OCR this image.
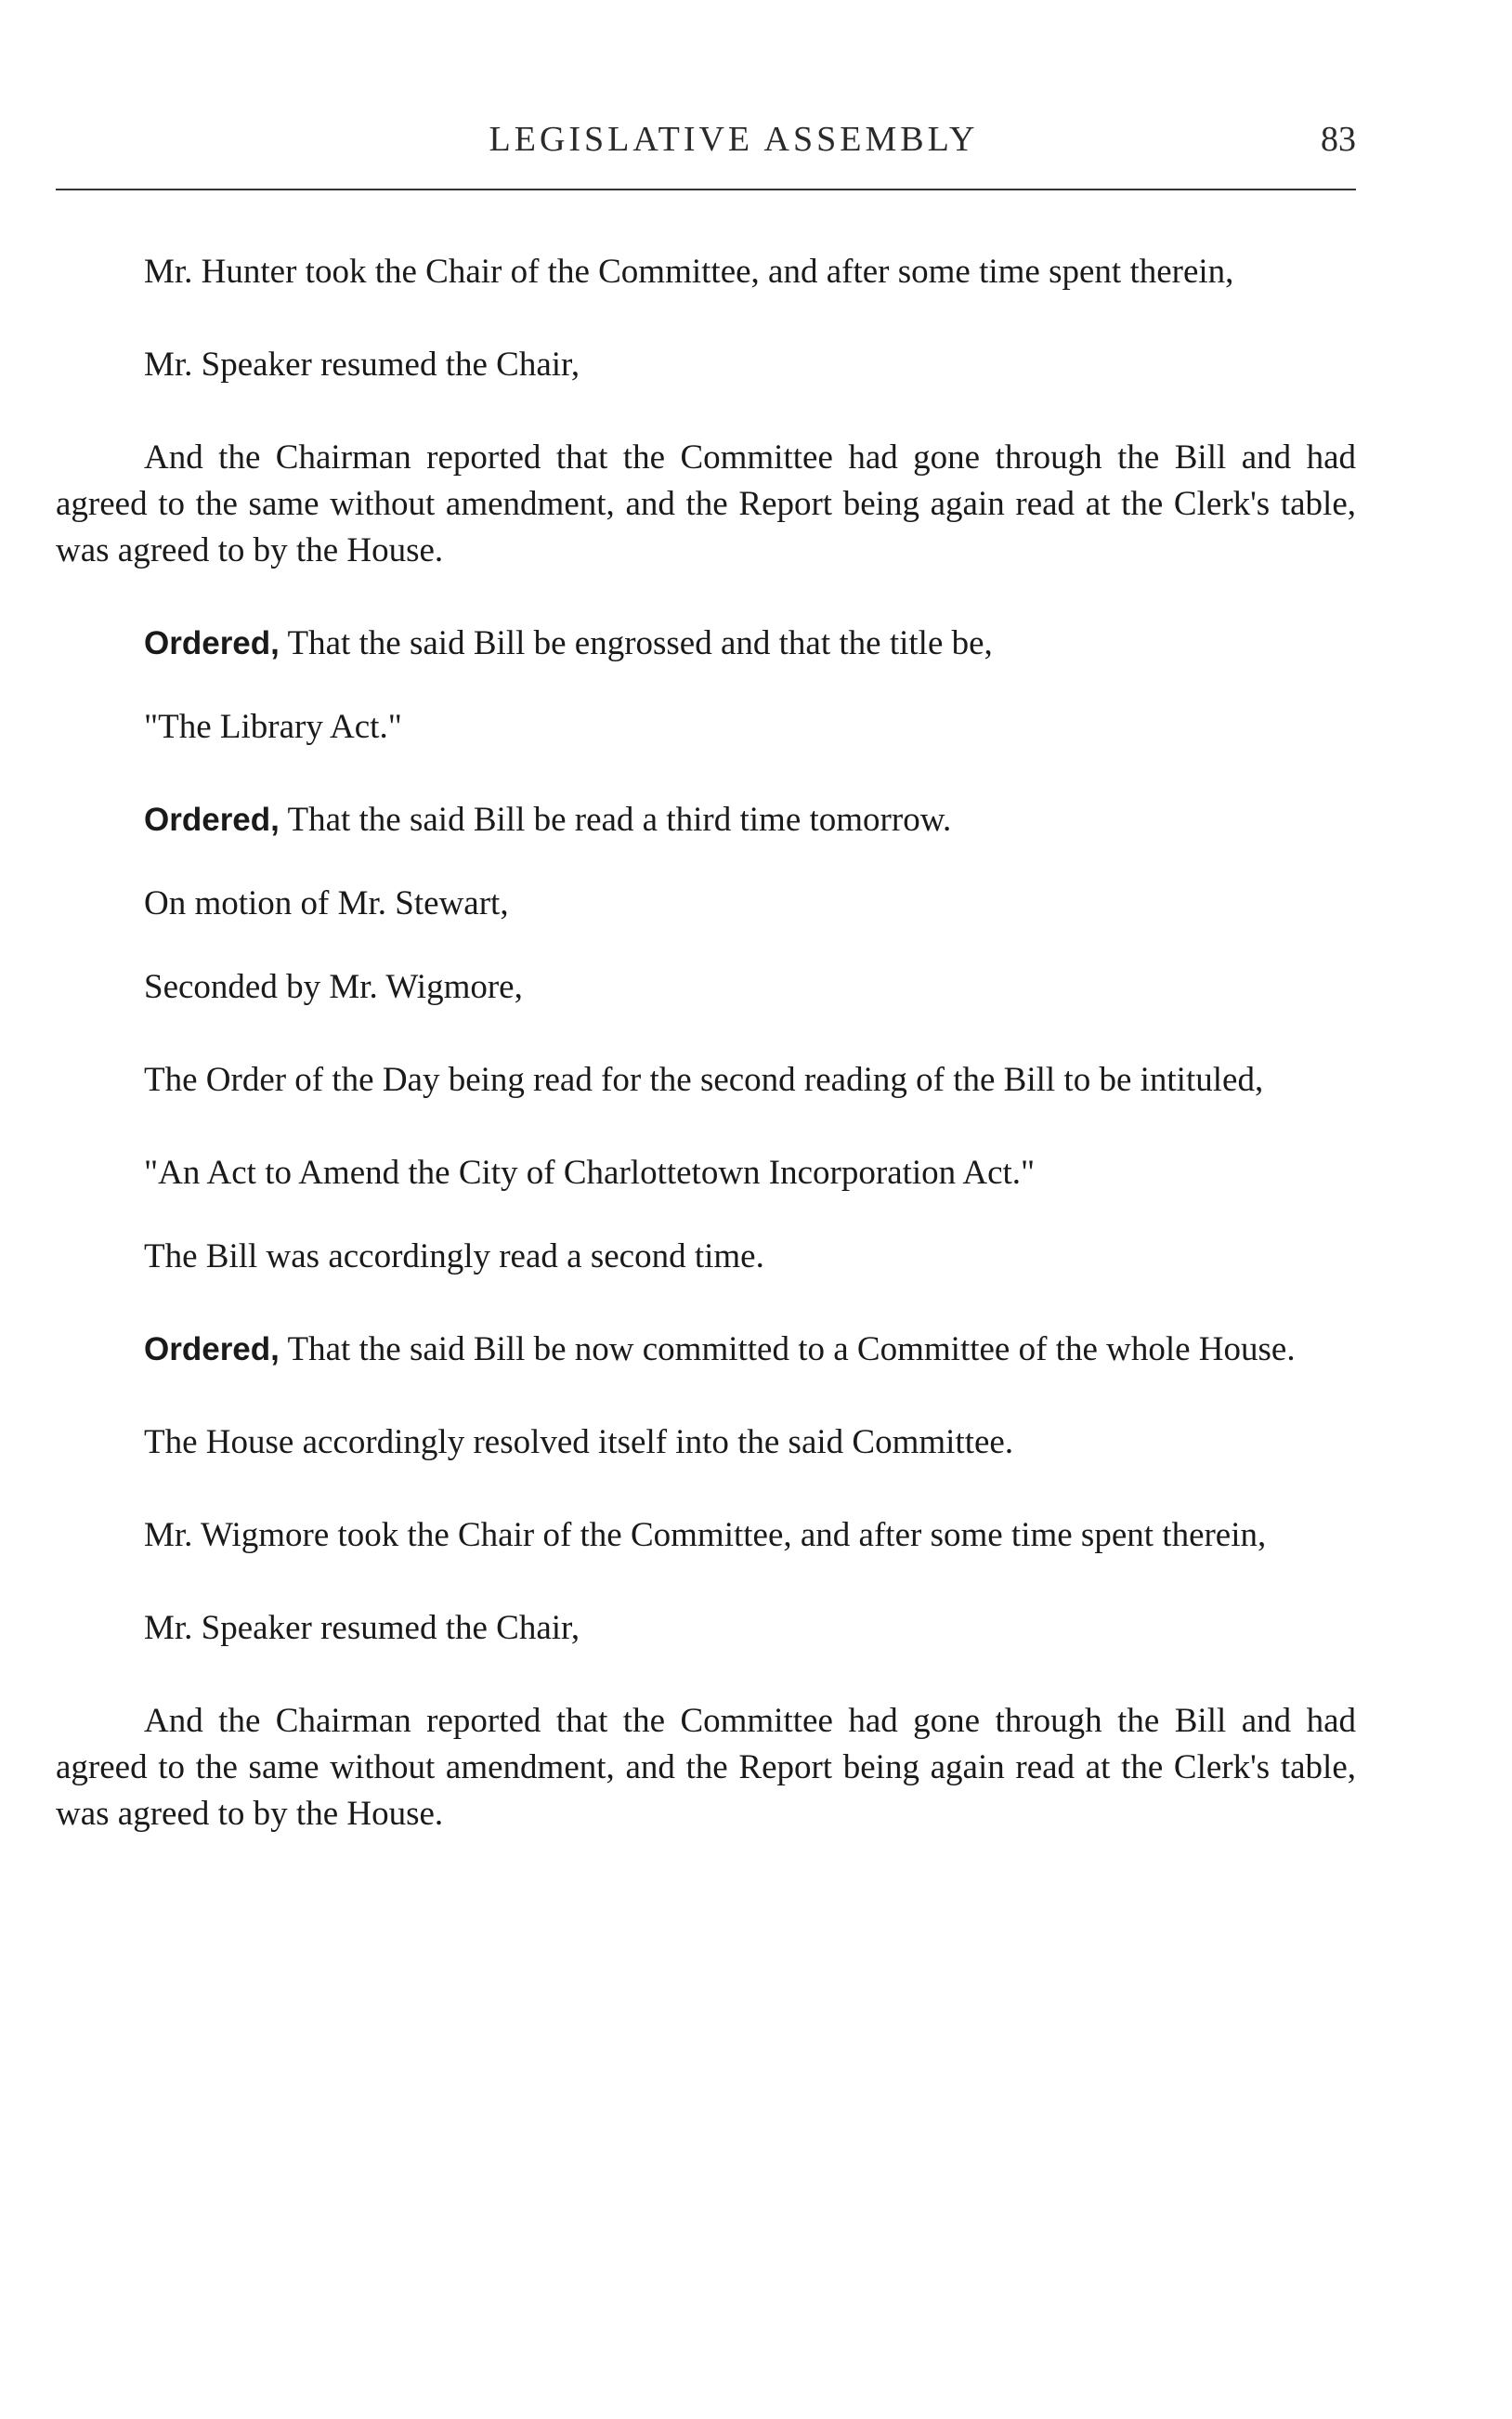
LEGISLATIVE ASSEMBLY	83

Mr. Hunter took the Chair of the Committee, and after some time spent therein,

Mr. Speaker resumed the Chair,

And the Chairman reported that the Committee had gone through the Bill and had agreed to the same without amendment, and the Report being again read at the Clerk's table, was agreed to by the House.

Ordered, That the said Bill be engrossed and that the title be,

"The Library Act."

Ordered, That the said Bill be read a third time tomorrow.

On motion of Mr. Stewart,

Seconded by Mr. Wigmore,

The Order of the Day being read for the second reading of the Bill to be intituled,

"An Act to Amend the City of Charlottetown Incorporation Act."

The Bill was accordingly read a second time.

Ordered, That the said Bill be now committed to a Committee of the whole House.

The House accordingly resolved itself into the said Committee.

Mr. Wigmore took the Chair of the Committee, and after some time spent therein,

Mr. Speaker resumed the Chair,

And the Chairman reported that the Committee had gone through the Bill and had agreed to the same without amendment, and the Report being again read at the Clerk's table, was agreed to by the House.
